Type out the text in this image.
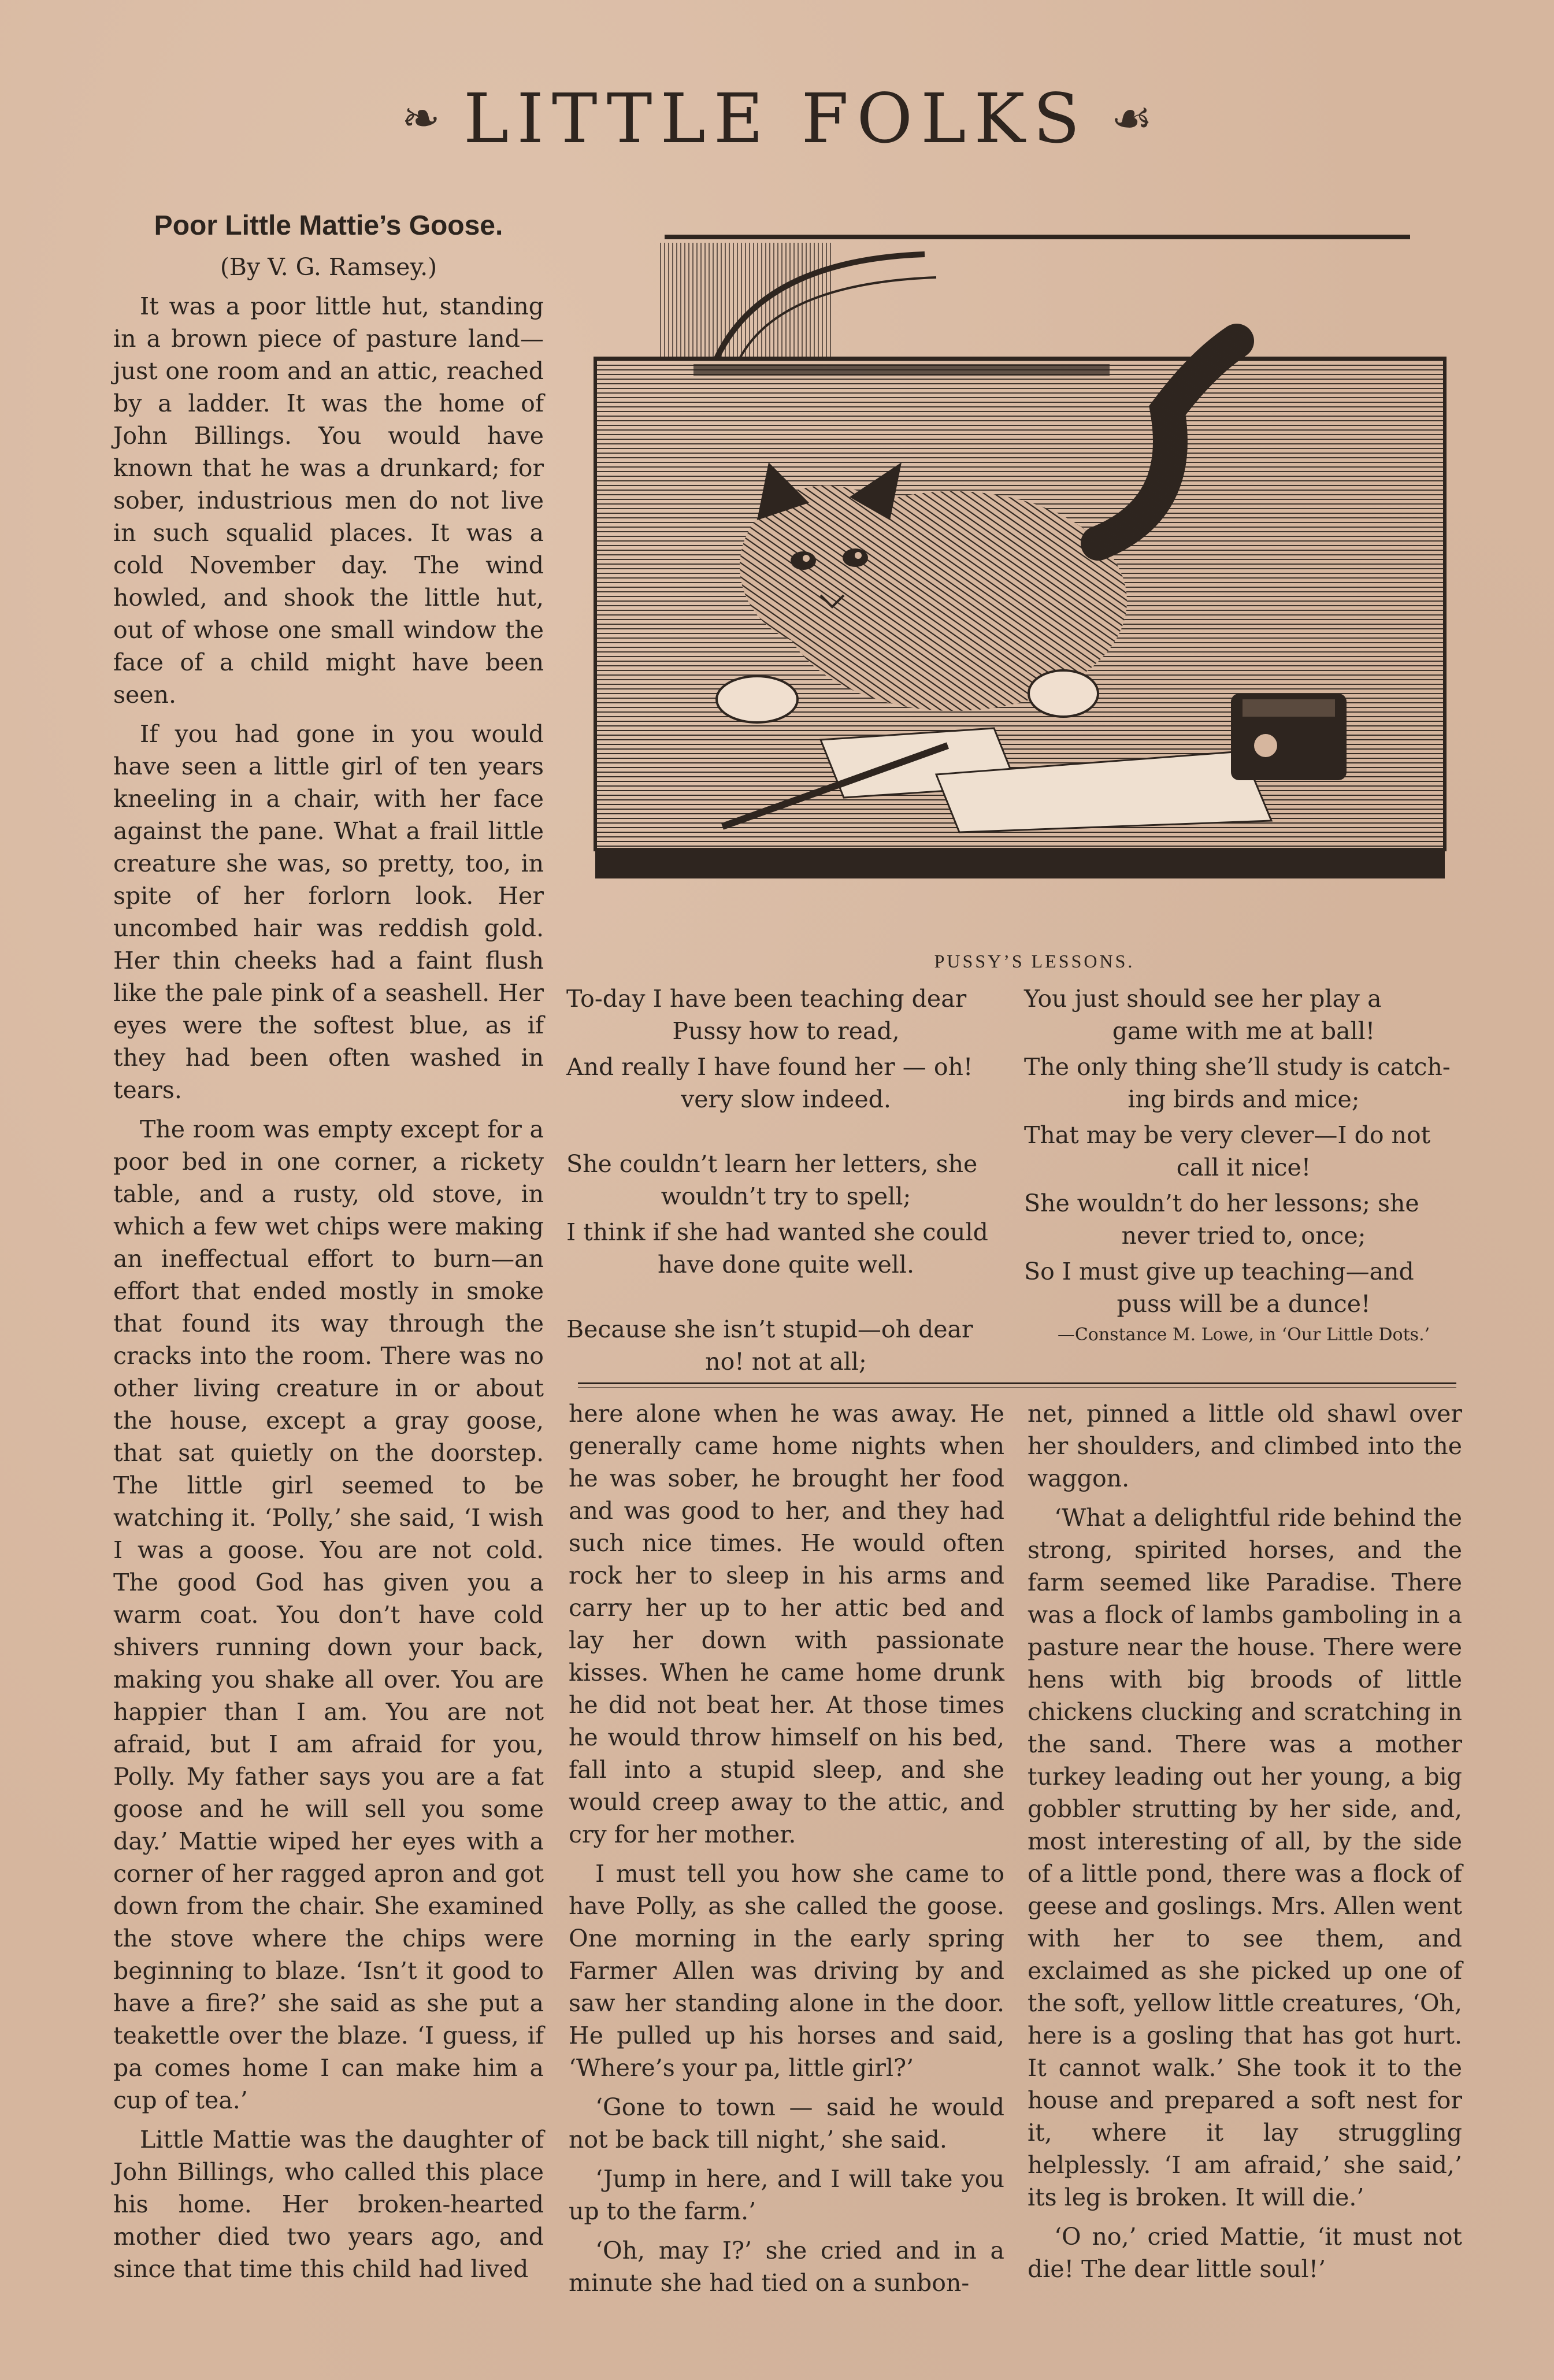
❧ LITTLE FOLKS ☙

Poor Little Mattie’s Goose.

(By V. G. Ramsey.)

It was a poor little hut, standing in a brown piece of pasture land—just one room and an attic, reached by a ladder. It was the home of John Billings. You would have known that he was a drunkard; for sober, industrious men do not live in such squalid places. It was a cold November day. The wind howled, and shook the little hut, out of whose one small window the face of a child might have been seen.

If you had gone in you would have seen a little girl of ten years kneeling in a chair, with her face against the pane. What a frail little creature she was, so pretty, too, in spite of her forlorn look. Her uncombed hair was reddish gold. Her thin cheeks had a faint flush like the pale pink of a seashell. Her eyes were the softest blue, as if they had been often washed in tears.

The room was empty except for a poor bed in one corner, a rickety table, and a rusty, old stove, in which a few wet chips were making an ineffectual effort to burn—an effort that ended mostly in smoke that found its way through the cracks into the room. There was no other living creature in or about the house, except a gray goose, that sat quietly on the doorstep. The little girl seemed to be watching it. ‘Polly,’ she said, ‘I wish I was a goose. You are not cold. The good God has given you a warm coat. You don’t have cold shivers running down your back, making you shake all over. You are happier than I am. You are not afraid, but I am afraid for you, Polly. My father says you are a fat goose and he will sell you some day.’ Mattie wiped her eyes with a corner of her ragged apron and got down from the chair. She examined the stove where the chips were beginning to blaze. ‘Isn’t it good to have a fire?’ she said as she put a teakettle over the blaze. ‘I guess, if pa comes home I can make him a cup of tea.’

Little Mattie was the daughter of John Billings, who called this place his home. Her broken-hearted mother died two years ago, and since that time this child had lived

PUSSY’S LESSONS.
To-day I have been teaching dear
Pussy how to read,
And really I have found her — oh!
very slow indeed.
She couldn’t learn her letters, she
wouldn’t try to spell;
I think if she had wanted she could
have done quite well.
Because she isn’t stupid—oh dear
no! not at all;
You just should see her play a
game with me at ball!
The only thing she’ll study is catch-
ing birds and mice;
That may be very clever—I do not
call it nice!
She wouldn’t do her lessons; she
never tried to, once;
So I must give up teaching—and
puss will be a dunce!
—Constance M. Lowe, in ‘Our Little Dots.’

here alone when he was away. He generally came home nights when he was sober, he brought her food and was good to her, and they had such nice times. He would often rock her to sleep in his arms and carry her up to her attic bed and lay her down with passionate kisses. When he came home drunk he did not beat her. At those times he would throw himself on his bed, fall into a stupid sleep, and she would creep away to the attic, and cry for her mother.

I must tell you how she came to have Polly, as she called the goose. One morning in the early spring Farmer Allen was driving by and saw her standing alone in the door. He pulled up his horses and said, ‘Where’s your pa, little girl?’

‘Gone to town — said he would not be back till night,’ she said.

‘Jump in here, and I will take you up to the farm.’

‘Oh, may I?’ she cried and in a minute she had tied on a sunbon-

net, pinned a little old shawl over her shoulders, and climbed into the waggon.

‘What a delightful ride behind the strong, spirited horses, and the farm seemed like Paradise. There was a flock of lambs gamboling in a pasture near the house. There were hens with big broods of little chickens clucking and scratching in the sand. There was a mother turkey leading out her young, a big gobbler strutting by her side, and, most interesting of all, by the side of a little pond, there was a flock of geese and goslings. Mrs. Allen went with her to see them, and exclaimed as she picked up one of the soft, yellow little creatures, ‘Oh, here is a gosling that has got hurt. It cannot walk.’ She took it to the house and prepared a soft nest for it, where it lay struggling helplessly. ‘I am afraid,’ she said,’ its leg is broken. It will die.’

‘O no,’ cried Mattie, ‘it must not die! The dear little soul!’
